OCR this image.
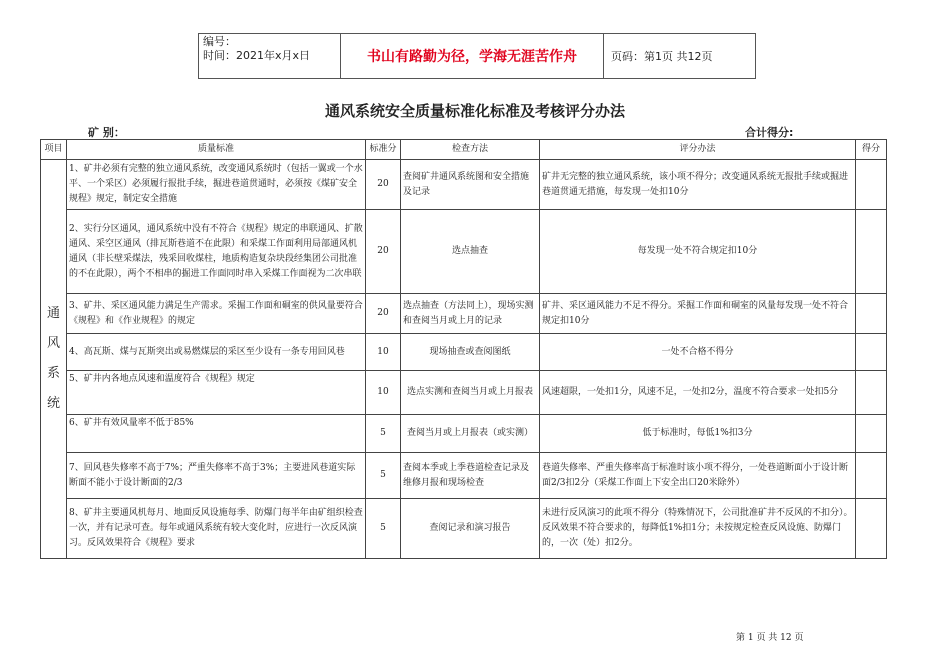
编号：
时间：2021年x月x日	书山有路勤为径，学海无涯苦作舟	页码：第1页 共12页
通风系统安全质量标准化标准及考核评分办法
矿 别：	合计得分:
项目	质量标准	标准分	检查方法	评分办法	得分

通
风
系
统	1、矿井必须有完整的独立通风系统，改变通风系统时（包括一翼或一个水平、一个采区）必须履行报批手续，掘进巷道贯通时，必须按《煤矿安全规程》规定，制定安全措施	20	查阅矿井通风系统图和安全措施及记录	矿井无完整的独立通风系统，该小项不得分；改变通风系统无报批手续或掘进巷道贯通无措施，每发现一处扣10分	
	2、实行分区通风，通风系统中没有不符合《规程》规定的串联通风、扩散通风、采空区通风（排瓦斯巷道不在此限）和采煤工作面利用局部通风机通风（非长壁采煤法，残采回收煤柱，地质构造复杂块段经集团公司批准的不在此限），两个不相串的掘进工作面同时串入采煤工作面视为二次串联	20	选点抽查	每发现一处不符合规定扣10分	
	3、矿井、采区通风能力满足生产需求。采掘工作面和硐室的供风量要符合《规程》和《作业规程》的规定	20	选点抽查（方法同上），现场实测和查阅当月或上月的记录	矿井、采区通风能力不足不得分。采掘工作面和硐室的风量每发现一处不符合规定扣10分	
	4、高瓦斯、煤与瓦斯突出或易燃煤层的采区至少设有一条专用回风巷	10	现场抽查或查阅图纸	一处不合格不得分	
	5、矿井内各地点风速和温度符合《规程》规定	10	选点实测和查阅当月或上月报表	风速超限，一处扣1分，风速不足，一处扣2分，温度不符合要求一处扣5分	
	6、矿井有效风量率不低于85%	5	查阅当月或上月报表（或实测）	低于标准时，每低1%扣3分	
	7、回风巷失修率不高于7%；严重失修率不高于3%；主要进风巷道实际断面不能小于设计断面的2/3	5	查阅本季或上季巷道检查记录及维修月报和现场检查	巷道失修率、严重失修率高于标准时该小项不得分，一处巷道断面小于设计断面2/3扣2分（采煤工作面上下安全出口20米除外）	
	8、矿井主要通风机每月、地面反风设施每季、防爆门每半年由矿组织检查一次，并有记录可查。每年或通风系统有较大变化时，应进行一次反风演习。反风效果符合《规程》要求	5	查阅记录和演习报告	未进行反风演习的此项不得分（特殊情况下，公司批准矿井不反风的不扣分）。反风效果不符合要求的，每降低1%扣1分；未按规定检查反风设施、防爆门的，一次（处）扣2分。	
第 1 页 共 12 页
